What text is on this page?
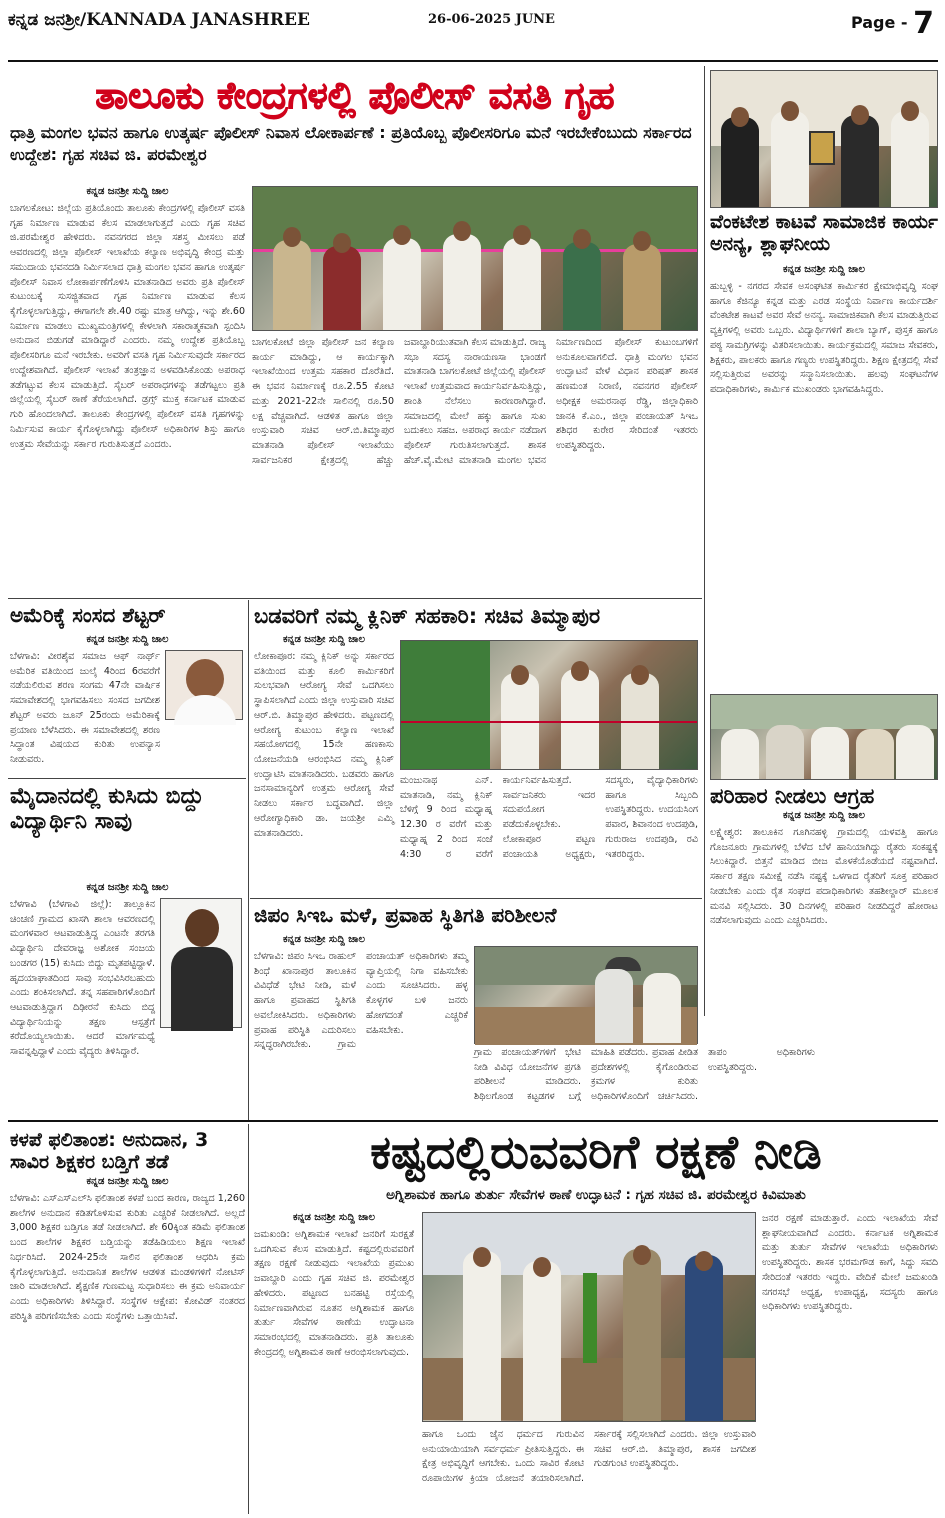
ಕನ್ನಡ ಜನಶ್ರೀ/KANNADA JANASHREE	26-06-2025 JUNE	Page - 7
ತಾಲೂಕು ಕೇಂದ್ರಗಳಲ್ಲಿ ಪೊಲೀಸ್ ವಸತಿ ಗೃಹ
ಧಾತ್ರಿ ಮಂಗಲ ಭವನ ಹಾಗೂ ಉತ್ಕರ್ಷ ಪೊಲೀಸ್ ನಿವಾಸ ಲೋಕಾರ್ಪಣೆ : ಪ್ರತಿಯೊಬ್ಬ ಪೊಲೀಸರಿಗೂ ಮನೆ ಇರಬೇಕೆಂಬುದು ಸರ್ಕಾರದ ಉದ್ದೇಶ: ಗೃಹ ಸಚಿವ ಜಿ. ಪರಮೇಶ್ವರ
ಕನ್ನಡ ಜನಶ್ರೀ ಸುದ್ದಿ ಜಾಲ
ಬಾಗಲಕೋಟ: ಜಿಲ್ಲೆಯ ಪ್ರತಿಯೊಂದು ತಾಲೂಕು ಕೇಂದ್ರಗಳಲ್ಲಿ ಪೊಲೀಸ್ ವಸತಿ ಗೃಹ ನಿರ್ಮಾಣ ಮಾಡುವ ಕೆಲಸ ಮಾಡಲಾಗುತ್ತದೆ ಎಂದು ಗೃಹ ಸಚಿವ ಜಿ.ಪರಮೇಶ್ವರ ಹೇಳಿದರು. ನವನಗರದ ಜಿಲ್ಲಾ ಸಶಸ್ತ್ರ ಮೀಸಲು ಪಡೆ ಆವರಣದಲ್ಲಿ ಜಿಲ್ಲಾ ಪೊಲೀಸ್ ಇಲಾಖೆಯ ಕಲ್ಯಾಣ ಅಭಿವೃದ್ಧಿ ಕೇಂದ್ರ ಮತ್ತು ಸಮುದಾಯ ಭವನದಡಿ ನಿರ್ಮಿಸಲಾದ ಧಾತ್ರಿ ಮಂಗಲ ಭವನ ಹಾಗೂ ಉತ್ಕರ್ಷ ಪೊಲೀಸ್ ನಿವಾಸ ಲೋಕಾರ್ಪಣೆಗೊಳಿಸಿ ಮಾತನಾಡಿದ ಅವರು ಪ್ರತಿ ಪೊಲೀಸ್ ಕುಟುಂಬಕ್ಕೆ ಸುಸಜ್ಜಿತವಾದ ಗೃಹ ನಿರ್ಮಾಣ ಮಾಡುವ ಕೆಲಸ ಕೈಗೊಳ್ಳಲಾಗುತ್ತಿದ್ದು, ಈಗಾಗಲೇ ಶೇ.40 ರಷ್ಟು ಮಾತ್ರ ಆಗಿದ್ದು, ಇನ್ನು ಶೇ.60 ನಿರ್ಮಾಣ ಮಾಡಲು ಮುಖ್ಯಮಂತ್ರಿಗಳಲ್ಲಿ ಕೇಳಲಾಗಿ ಸಕಾರಾತ್ಮಕವಾಗಿ ಸ್ಪಂದಿಸಿ ಅನುದಾನ ಬಿಡುಗಡೆ ಮಾಡಿದ್ದಾರೆ ಎಂದರು. ನಮ್ಮ ಉದ್ದೇಶ ಪ್ರತಿಯೊಬ್ಬ ಪೊಲೀಸರಿಗೂ ಮನೆ ಇರಬೇಕು. ಅವರಿಗೆ ವಸತಿ ಗೃಹ ನಿರ್ಮಿಸುವುದೇ ಸರ್ಕಾರದ ಉದ್ದೇಶವಾಗಿದೆ. ಪೊಲೀಸ್ ಇಲಾಖೆ ತಂತ್ರಜ್ಞಾನ ಅಳವಡಿಸಿಕೊಂಡು ಅಪರಾಧ ತಡೆಗಟ್ಟುವ ಕೆಲಸ ಮಾಡುತ್ತಿದೆ. ಸೈಬರ್ ಅಪರಾಧಗಳನ್ನು ತಡೆಗಟ್ಟಲು ಪ್ರತಿ ಜಿಲ್ಲೆಯಲ್ಲಿ ಸೈಬರ್ ಠಾಣೆ ತೆರೆಯಲಾಗಿದೆ. ಡ್ರಗ್ಸ್ ಮುಕ್ತ ಕರ್ನಾಟಕ ಮಾಡುವ ಗುರಿ ಹೊಂದಲಾಗಿದೆ. ತಾಲೂಕು ಕೇಂದ್ರಗಳಲ್ಲಿ ಪೊಲೀಸ್ ವಸತಿ ಗೃಹಗಳನ್ನು ನಿರ್ಮಿಸುವ ಕಾರ್ಯ ಕೈಗೊಳ್ಳಲಾಗಿದ್ದು ಪೊಲೀಸ್ ಅಧಿಕಾರಿಗಳ ಶಿಸ್ತು ಹಾಗೂ ಉತ್ತಮ ಸೇವೆಯನ್ನು ಸರ್ಕಾರ ಗುರುತಿಸುತ್ತದೆ ಎಂದರು.
ಬಾಗಲಕೋಟೆ ಜಿಲ್ಲಾ ಪೊಲೀಸ್ ಜನ ಕಲ್ಯಾಣ ಕಾರ್ಯ ಮಾಡಿದ್ದು, ಆ ಕಾರ್ಯಕ್ಕಾಗಿ ಇಲಾಖೆಯಿಂದ ಉತ್ತಮ ಸಹಕಾರ ದೊರೆತಿದೆ. ಈ ಭವನ ನಿರ್ಮಾಣಕ್ಕೆ ರೂ.2.55 ಕೋಟಿ ಮತ್ತು 2021-22ನೇ ಸಾಲಿನಲ್ಲಿ ರೂ.50 ಲಕ್ಷ ವೆಚ್ಚವಾಗಿದೆ. ಆಡಳಿತ ಹಾಗೂ ಜಿಲ್ಲಾ ಉಸ್ತುವಾರಿ ಸಚಿವ ಆರ್.ಬಿ.ತಿಮ್ಮಾಪುರ ಮಾತನಾಡಿ ಪೊಲೀಸ್ ಇಲಾಖೆಯು ಸಾರ್ವಜನಿಕರ ಕ್ಷೇತ್ರದಲ್ಲಿ ಹೆಚ್ಚು ಜವಾಬ್ದಾರಿಯುತವಾಗಿ ಕೆಲಸ ಮಾಡುತ್ತಿದೆ. ರಾಜ್ಯ ಸಭಾ ಸದಸ್ಯ ನಾರಾಯಣಸಾ ಭಾಂಡಗೆ ಮಾತನಾಡಿ ಬಾಗಲಕೋಟೆ ಜಿಲ್ಲೆಯಲ್ಲಿ ಪೊಲೀಸ್ ಇಲಾಖೆ ಉತ್ತಮವಾದ ಕಾರ್ಯನಿರ್ವಹಿಸುತ್ತಿದ್ದು, ಶಾಂತಿ ನೆಲೆಸಲು ಕಾರಣರಾಗಿದ್ದಾರೆ. ಸಮಾಜದಲ್ಲಿ ಮೇಲೆ ಹಕ್ಕು ಹಾಗೂ ಸುಖ ಬದುಕಲು ಸಹಜ. ಅಪರಾಧ ಕಾರ್ಯ ನಡೆದಾಗ ಪೊಲೀಸ್ ಗುರುತಿಸಲಾಗುತ್ತದೆ. ಶಾಸಕ ಹೆಚ್.ವೈ.ಮೇಟಿ ಮಾತನಾಡಿ ಮಂಗಲ ಭವನ ನಿರ್ಮಾಣದಿಂದ ಪೊಲೀಸ್ ಕುಟುಂಬಗಳಿಗೆ ಅನುಕೂಲವಾಗಲಿದೆ. ಧಾತ್ರಿ ಮಂಗಲ ಭವನ ಉದ್ಘಾಟನೆ ವೇಳೆ ವಿಧಾನ ಪರಿಷತ್ ಶಾಸಕ ಹಣಮಂತ ನಿರಾಣಿ, ನವನಗರ ಪೊಲೀಸ್ ಅಧೀಕ್ಷಕ ಅಮರನಾಥ ರೆಡ್ಡಿ, ಜಿಲ್ಲಾಧಿಕಾರಿ ಜಾನಕಿ ಕೆ.ಎಂ., ಜಿಲ್ಲಾ ಪಂಚಾಯತ್ ಸಿಇಒ ಶಶಿಧರ ಕುರೇರ ಸೇರಿದಂತೆ ಇತರರು ಉಪಸ್ಥಿತರಿದ್ದರು.
ವೆಂಕಟೇಶ ಕಾಟವೆ ಸಾಮಾಜಿಕ ಕಾರ್ಯ ಅನನ್ಯ, ಶ್ಲಾಘನೀಯ
ಕನ್ನಡ ಜನಶ್ರೀ ಸುದ್ದಿ ಜಾಲ
ಹುಬ್ಬಳ್ಳಿ - ನಗರದ ಸೇವಕ ಅಸಂಘಟಿತ ಕಾರ್ಮಿಕರ ಕ್ಷೇಮಾಭಿವೃದ್ಧಿ ಸಂಘ ಹಾಗೂ ಕೆಜಿನ್ಯೂ ಕನ್ನಡ ಮತ್ತು ಎರಡ ಸಂಸ್ಥೆಯ ನಿರ್ವಾಣ ಕಾರ್ಯದರ್ಶಿ ವೆಂಕಟೇಶ ಕಾಟವೆ ಅವರ ಸೇವೆ ಅನನ್ಯ. ಸಾಮಾಜಿಕವಾಗಿ ಕೆಲಸ ಮಾಡುತ್ತಿರುವ ವ್ಯಕ್ತಿಗಳಲ್ಲಿ ಅವರು ಒಬ್ಬರು. ವಿದ್ಯಾರ್ಥಿಗಳಿಗೆ ಶಾಲಾ ಬ್ಯಾಗ್, ಪುಸ್ತಕ ಹಾಗೂ ಪಠ್ಯ ಸಾಮಗ್ರಿಗಳನ್ನು ವಿತರಿಸಲಾಯಿತು. ಕಾರ್ಯಕ್ರಮದಲ್ಲಿ ಸಮಾಜ ಸೇವಕರು, ಶಿಕ್ಷಕರು, ಪಾಲಕರು ಹಾಗೂ ಗಣ್ಯರು ಉಪಸ್ಥಿತರಿದ್ದರು. ಶಿಕ್ಷಣ ಕ್ಷೇತ್ರದಲ್ಲಿ ಸೇವೆ ಸಲ್ಲಿಸುತ್ತಿರುವ ಅವರನ್ನು ಸನ್ಮಾನಿಸಲಾಯಿತು. ಹಲವು ಸಂಘಟನೆಗಳ ಪದಾಧಿಕಾರಿಗಳು, ಕಾರ್ಮಿಕ ಮುಖಂಡರು ಭಾಗವಹಿಸಿದ್ದರು.
ಪರಿಹಾರ ನೀಡಲು ಆಗ್ರಹ
ಕನ್ನಡ ಜನಶ್ರೀ ಸುದ್ದಿ ಜಾಲ
ಲಕ್ಷ್ಮೇಶ್ವರ: ತಾಲೂಕಿನ ಗೂಗಿನಹಳ್ಳಿ ಗ್ರಾಮದಲ್ಲಿ ಯಳವತ್ತಿ ಹಾಗೂ ಗೊಜನೂರು ಗ್ರಾಮಗಳಲ್ಲಿ ಬೆಳೆದ ಬೆಳೆ ಹಾನಿಯಾಗಿದ್ದು ರೈತರು ಸಂಕಷ್ಟಕ್ಕೆ ಸಿಲುಕಿದ್ದಾರೆ. ಬಿತ್ತನೆ ಮಾಡಿದ ಬೀಜ ಮೊಳಕೆಯೊಡೆಯದೆ ನಷ್ಟವಾಗಿದೆ. ಸರ್ಕಾರ ತಕ್ಷಣ ಸಮೀಕ್ಷೆ ನಡೆಸಿ ನಷ್ಟಕ್ಕೆ ಒಳಗಾದ ರೈತರಿಗೆ ಸೂಕ್ತ ಪರಿಹಾರ ನೀಡಬೇಕು ಎಂದು ರೈತ ಸಂಘದ ಪದಾಧಿಕಾರಿಗಳು ತಹಶೀಲ್ದಾರ್ ಮೂಲಕ ಮನವಿ ಸಲ್ಲಿಸಿದರು. 30 ದಿನಗಳಲ್ಲಿ ಪರಿಹಾರ ನೀಡದಿದ್ದರೆ ಹೋರಾಟ ನಡೆಸಲಾಗುವುದು ಎಂದು ಎಚ್ಚರಿಸಿದರು.
ಅಮೆರಿಕ್ಕೆ ಸಂಸದ ಶೆಟ್ಟರ್
ಕನ್ನಡ ಜನಶ್ರೀ ಸುದ್ದಿ ಜಾಲ
ಬೆಳಗಾವಿ: ವೀರಶೈವ ಸಮಾಜ ಆಫ್ ನಾರ್ಥ್ ಅಮೆರಿಕ ವತಿಯಿಂದ ಜುಲೈ 4ರಿಂದ 6ರವರೆಗೆ ನಡೆಯಲಿರುವ ಶರಣ ಸಂಗಮ 47ನೇ ವಾರ್ಷಿಕ ಸಮಾವೇಶದಲ್ಲಿ ಭಾಗವಹಿಸಲು ಸಂಸದ ಜಗದೀಶ ಶೆಟ್ಟರ್ ಅವರು ಜೂನ್ 25ರಂದು ಅಮೆರಿಕಾಕ್ಕೆ ಪ್ರಯಾಣ ಬೆಳೆಸಿದರು. ಈ ಸಮಾವೇಶದಲ್ಲಿ ಶರಣ ಸಿದ್ಧಾಂತ ವಿಷಯದ ಕುರಿತು ಉಪನ್ಯಾಸ ನೀಡುವರು.
ಮೈದಾನದಲ್ಲಿ ಕುಸಿದು ಬಿದ್ದು ವಿದ್ಯಾರ್ಥಿನಿ ಸಾವು
ಕನ್ನಡ ಜನಶ್ರೀ ಸುದ್ದಿ ಜಾಲ
ಬೆಳಗಾವಿ (ಬೆಳಗಾವಿ ಜಿಲ್ಲೆ): ತಾಲ್ಲೂಕಿನ ಚಿಂಚಣಿ ಗ್ರಾಮದ ಖಾಸಗಿ ಶಾಲಾ ಆವರಣದಲ್ಲಿ ಮಂಗಳವಾರ ಆಟವಾಡುತ್ತಿದ್ದ ಎಂಟನೇ ತರಗತಿ ವಿದ್ಯಾರ್ಥಿನಿ ದೇವರಾಜ್ಞ ಅಶೋಕ ಸಂಜಯ ಬಂಡಗರ (15) ಕುಸಿದು ಬಿದ್ದು ಮೃತಪಟ್ಟಿದ್ದಾಳೆ. ಹೃದಯಾಘಾತದಿಂದ ಸಾವು ಸಂಭವಿಸಿರಬಹುದು ಎಂದು ಶಂಕಿಸಲಾಗಿದೆ. ತನ್ನ ಸಹಪಾಠಿಗಳೊಂದಿಗೆ ಆಟವಾಡುತ್ತಿದ್ದಾಗ ದಿಢೀರನೆ ಕುಸಿದು ಬಿದ್ದ ವಿದ್ಯಾರ್ಥಿನಿಯನ್ನು ತಕ್ಷಣ ಆಸ್ಪತ್ರೆಗೆ ಕರೆದೊಯ್ಯಲಾಯಿತು. ಆದರೆ ಮಾರ್ಗಮಧ್ಯೆ ಸಾವನ್ನಪ್ಪಿದ್ದಾಳೆ ಎಂದು ವೈದ್ಯರು ತಿಳಿಸಿದ್ದಾರೆ.
ಬಡವರಿಗೆ ನಮ್ಮ ಕ್ಲಿನಿಕ್ ಸಹಕಾರಿ: ಸಚಿವ ತಿಮ್ಮಾಪುರ
ಕನ್ನಡ ಜನಶ್ರೀ ಸುದ್ದಿ ಜಾಲ
ಲೋಕಾಪೂರ: ನಮ್ಮ ಕ್ಲಿನಿಕ್ ಅನ್ನು ಸರ್ಕಾರದ ವತಿಯಿಂದ ಮತ್ತು ಕೂಲಿ ಕಾರ್ಮಿಕರಿಗೆ ಸುಲಭವಾಗಿ ಆರೋಗ್ಯ ಸೇವೆ ಒದಗಿಸಲು ಸ್ಥಾಪಿಸಲಾಗಿದೆ ಎಂದು ಜಿಲ್ಲಾ ಉಸ್ತುವಾರಿ ಸಚಿವ ಆರ್.ಬಿ. ತಿಮ್ಮಾಪುರ ಹೇಳಿದರು. ಪಟ್ಟಣದಲ್ಲಿ ಆರೋಗ್ಯ ಕುಟುಂಬ ಕಲ್ಯಾಣ ಇಲಾಖೆ ಸಹಯೋಗದಲ್ಲಿ 15ನೇ ಹಣಕಾಸು ಯೋಜನೆಯಡಿ ಆರಂಭಿಸಿದ ನಮ್ಮ ಕ್ಲಿನಿಕ್ ಉದ್ಘಾಟಿಸಿ ಮಾತನಾಡಿದರು. ಬಡವರು ಹಾಗೂ ಜನಸಾಮಾನ್ಯರಿಗೆ ಉತ್ತಮ ಆರೋಗ್ಯ ಸೇವೆ ನೀಡಲು ಸರ್ಕಾರ ಬದ್ಧವಾಗಿದೆ. ಜಿಲ್ಲಾ ಆರೋಗ್ಯಾಧಿಕಾರಿ ಡಾ. ಜಯಶ್ರೀ ಎಮ್ಮಿ ಮಾತನಾಡಿದರು.
ಮಂಜುನಾಥ ಎನ್. ಮಾತನಾಡಿ, ನಮ್ಮ ಕ್ಲಿನಿಕ್ ಬೆಳಿಗ್ಗೆ 9 ರಿಂದ ಮಧ್ಯಾಹ್ನ 12.30 ರ ವರೆಗೆ ಮತ್ತು ಮಧ್ಯಾಹ್ನ 2 ರಿಂದ ಸಂಜೆ 4:30 ರ ವರೆಗೆ ಕಾರ್ಯನಿರ್ವಹಿಸುತ್ತದೆ. ಸಾರ್ವಜನಿಕರು ಇದರ ಸದುಪಯೋಗ ಪಡೆದುಕೊಳ್ಳಬೇಕು. ಲೋಕಾಪೂರ ಪಟ್ಟಣ ಪಂಚಾಯತಿ ಅಧ್ಯಕ್ಷರು, ಸದಸ್ಯರು, ವೈದ್ಯಾಧಿಕಾರಿಗಳು ಹಾಗೂ ಸಿಬ್ಬಂದಿ ಉಪಸ್ಥಿತರಿದ್ದರು. ಉದಯಸಿಂಗ ಪವಾರ, ಶಿವಾನಂದ ಉದಪುಡಿ, ಗುರುರಾಜ ಉದಪುಡಿ, ರವಿ ಇತರರಿದ್ದರು.
ಜಿಪಂ ಸಿಇಒ ಮಳೆ, ಪ್ರವಾಹ ಸ್ಥಿತಿಗತಿ ಪರಿಶೀಲನೆ
ಕನ್ನಡ ಜನಶ್ರೀ ಸುದ್ದಿ ಜಾಲ
ಬೆಳಗಾವಿ: ಜಿಪಂ ಸಿಇಒ ರಾಹುಲ್ ಶಿಂಧೆ ಖಾನಾಪುರ ತಾಲೂಕಿನ ವಿವಿಧೆಡೆ ಭೇಟಿ ನೀಡಿ, ಮಳೆ ಹಾಗೂ ಪ್ರವಾಹದ ಸ್ಥಿತಿಗತಿ ಅವಲೋಕಿಸಿದರು. ಅಧಿಕಾರಿಗಳು ಪ್ರವಾಹ ಪರಿಸ್ಥಿತಿ ಎದುರಿಸಲು ಸನ್ನದ್ಧರಾಗಿರಬೇಕು. ಗ್ರಾಮ ಪಂಚಾಯತ್ ಅಧಿಕಾರಿಗಳು ತಮ್ಮ ವ್ಯಾಪ್ತಿಯಲ್ಲಿ ನಿಗಾ ವಹಿಸಬೇಕು ಎಂದು ಸೂಚಿಸಿದರು. ಹಳ್ಳ ಕೊಳ್ಳಗಳ ಬಳಿ ಜನರು ಹೋಗದಂತೆ ಎಚ್ಚರಿಕೆ ವಹಿಸಬೇಕು.
ಗ್ರಾಮ ಪಂಚಾಯತ್‌ಗಳಿಗೆ ಭೇಟಿ ನೀಡಿ ವಿವಿಧ ಯೋಜನೆಗಳ ಪ್ರಗತಿ ಪರಿಶೀಲನೆ ಮಾಡಿದರು. ಶಿಥಿಲಗೊಂಡ ಕಟ್ಟಡಗಳ ಬಗ್ಗೆ ಮಾಹಿತಿ ಪಡೆದರು. ಪ್ರವಾಹ ಪೀಡಿತ ಪ್ರದೇಶಗಳಲ್ಲಿ ಕೈಗೊಂಡಿರುವ ಕ್ರಮಗಳ ಕುರಿತು ಅಧಿಕಾರಿಗಳೊಂದಿಗೆ ಚರ್ಚಿಸಿದರು. ತಾಪಂ ಅಧಿಕಾರಿಗಳು ಉಪಸ್ಥಿತರಿದ್ದರು.
ಕಳಪೆ ಫಲಿತಾಂಶ: ಅನುದಾನ, 3 ಸಾವಿರ ಶಿಕ್ಷಕರ ಬಡ್ತಿಗೆ ತಡೆ
ಕನ್ನಡ ಜನಶ್ರೀ ಸುದ್ದಿ ಜಾಲ
ಬೆಳಗಾವಿ: ಎಸ್‌ಎಸ್‌ಎಲ್‌ಸಿ ಫಲಿತಾಂಶ ಕಳಪೆ ಬಂದ ಕಾರಣ, ರಾಜ್ಯದ 1,260 ಶಾಲೆಗಳ ಅನುದಾನ ಕಡಿತಗೊಳಿಸುವ ಕುರಿತು ಎಚ್ಚರಿಕೆ ನೀಡಲಾಗಿದೆ. ಅಲ್ಲದೆ 3,000 ಶಿಕ್ಷಕರ ಬಡ್ತಿಗೂ ತಡೆ ನೀಡಲಾಗಿದೆ. ಶೇ 60ಕ್ಕಿಂತ ಕಡಿಮೆ ಫಲಿತಾಂಶ ಬಂದ ಶಾಲೆಗಳ ಶಿಕ್ಷಕರ ಬಡ್ತಿಯನ್ನು ತಡೆಹಿಡಿಯಲು ಶಿಕ್ಷಣ ಇಲಾಖೆ ನಿರ್ಧರಿಸಿದೆ. 2024-25ನೇ ಸಾಲಿನ ಫಲಿತಾಂಶ ಆಧರಿಸಿ ಕ್ರಮ ಕೈಗೊಳ್ಳಲಾಗುತ್ತಿದೆ. ಅನುದಾನಿತ ಶಾಲೆಗಳ ಆಡಳಿತ ಮಂಡಳಿಗಳಿಗೆ ನೋಟಿಸ್ ಜಾರಿ ಮಾಡಲಾಗಿದೆ. ಶೈಕ್ಷಣಿಕ ಗುಣಮಟ್ಟ ಸುಧಾರಿಸಲು ಈ ಕ್ರಮ ಅನಿವಾರ್ಯ ಎಂದು ಅಧಿಕಾರಿಗಳು ತಿಳಿಸಿದ್ದಾರೆ. ಸಂಸ್ಥೆಗಳ ಆಕ್ಷೇಪ: ಕೋವಿಡ್ ನಂತರದ ಪರಿಸ್ಥಿತಿ ಪರಿಗಣಿಸಬೇಕು ಎಂದು ಸಂಸ್ಥೆಗಳು ಒತ್ತಾಯಿಸಿವೆ.
ಕಷ್ಟದಲ್ಲಿರುವವರಿಗೆ ರಕ್ಷಣೆ ನೀಡಿ
ಅಗ್ನಿಶಾಮಕ ಹಾಗೂ ತುರ್ತು ಸೇವೆಗಳ ಠಾಣೆ ಉದ್ಘಾಟನೆ : ಗೃಹ ಸಚಿವ ಜಿ. ಪರಮೇಶ್ವರ ಕಿವಿಮಾತು
ಕನ್ನಡ ಜನಶ್ರೀ ಸುದ್ದಿ ಜಾಲ
ಜಮಖಂಡಿ: ಅಗ್ನಿಶಾಮಕ ಇಲಾಖೆ ಜನರಿಗೆ ಸುರಕ್ಷತೆ ಒದಗಿಸುವ ಕೆಲಸ ಮಾಡುತ್ತಿದೆ. ಕಷ್ಟದಲ್ಲಿರುವವರಿಗೆ ತಕ್ಷಣ ರಕ್ಷಣೆ ನೀಡುವುದು ಇಲಾಖೆಯ ಪ್ರಮುಖ ಜವಾಬ್ದಾರಿ ಎಂದು ಗೃಹ ಸಚಿವ ಜಿ. ಪರಮೇಶ್ವರ ಹೇಳಿದರು. ಪಟ್ಟಣದ ಬನಹಟ್ಟಿ ರಸ್ತೆಯಲ್ಲಿ ನಿರ್ಮಾಣವಾಗಿರುವ ನೂತನ ಅಗ್ನಿಶಾಮಕ ಹಾಗೂ ತುರ್ತು ಸೇವೆಗಳ ಠಾಣೆಯ ಉದ್ಘಾಟನಾ ಸಮಾರಂಭದಲ್ಲಿ ಮಾತನಾಡಿದರು. ಪ್ರತಿ ತಾಲೂಕು ಕೇಂದ್ರದಲ್ಲಿ ಅಗ್ನಿಶಾಮಕ ಠಾಣೆ ಆರಂಭಿಸಲಾಗುವುದು.
ಹಾಗೂ ಒಂದು ಜೈನ ಧರ್ಮದ ಗುರುವಿನ ಅನುಯಾಯಿಯಾಗಿ ಸರ್ವಧರ್ಮ ಪ್ರೀತಿಸುತ್ತಿದ್ದರು. ಈ ಕ್ಷೇತ್ರ ಅಭಿವೃದ್ಧಿಗೆ ಆಗಬೇಕು. ಒಂದು ಸಾವಿರ ಕೋಟಿ ರೂಪಾಯಿಗಳ ಕ್ರಿಯಾ ಯೋಜನೆ ತಯಾರಿಸಲಾಗಿದೆ. ಸರ್ಕಾರಕ್ಕೆ ಸಲ್ಲಿಸಲಾಗಿದೆ ಎಂದರು. ಜಿಲ್ಲಾ ಉಸ್ತುವಾರಿ ಸಚಿವ ಆರ್.ಬಿ. ತಿಮ್ಮಾಪುರ, ಶಾಸಕ ಜಗದೀಶ ಗುಡಗುಂಟಿ ಉಪಸ್ಥಿತರಿದ್ದರು.
ಜನರ ರಕ್ಷಣೆ ಮಾಡುತ್ತಾರೆ. ಎಂದು ಇಲಾಖೆಯ ಸೇವೆ ಶ್ಲಾಘನೀಯವಾಗಿದೆ ಎಂದರು. ಕರ್ನಾಟಕ ಅಗ್ನಿಶಾಮಕ ಮತ್ತು ತುರ್ತು ಸೇವೆಗಳ ಇಲಾಖೆಯ ಅಧಿಕಾರಿಗಳು ಉಪಸ್ಥಿತರಿದ್ದರು. ಶಾಸಕ ಭರಮಗೌಡ ಕಾಗೆ, ಸಿದ್ದು ಸವದಿ ಸೇರಿದಂತೆ ಇತರರು ಇದ್ದರು. ವೇದಿಕೆ ಮೇಲೆ ಜಮಖಂಡಿ ನಗರಸಭೆ ಅಧ್ಯಕ್ಷ, ಉಪಾಧ್ಯಕ್ಷ, ಸದಸ್ಯರು ಹಾಗೂ ಅಧಿಕಾರಿಗಳು ಉಪಸ್ಥಿತರಿದ್ದರು.
